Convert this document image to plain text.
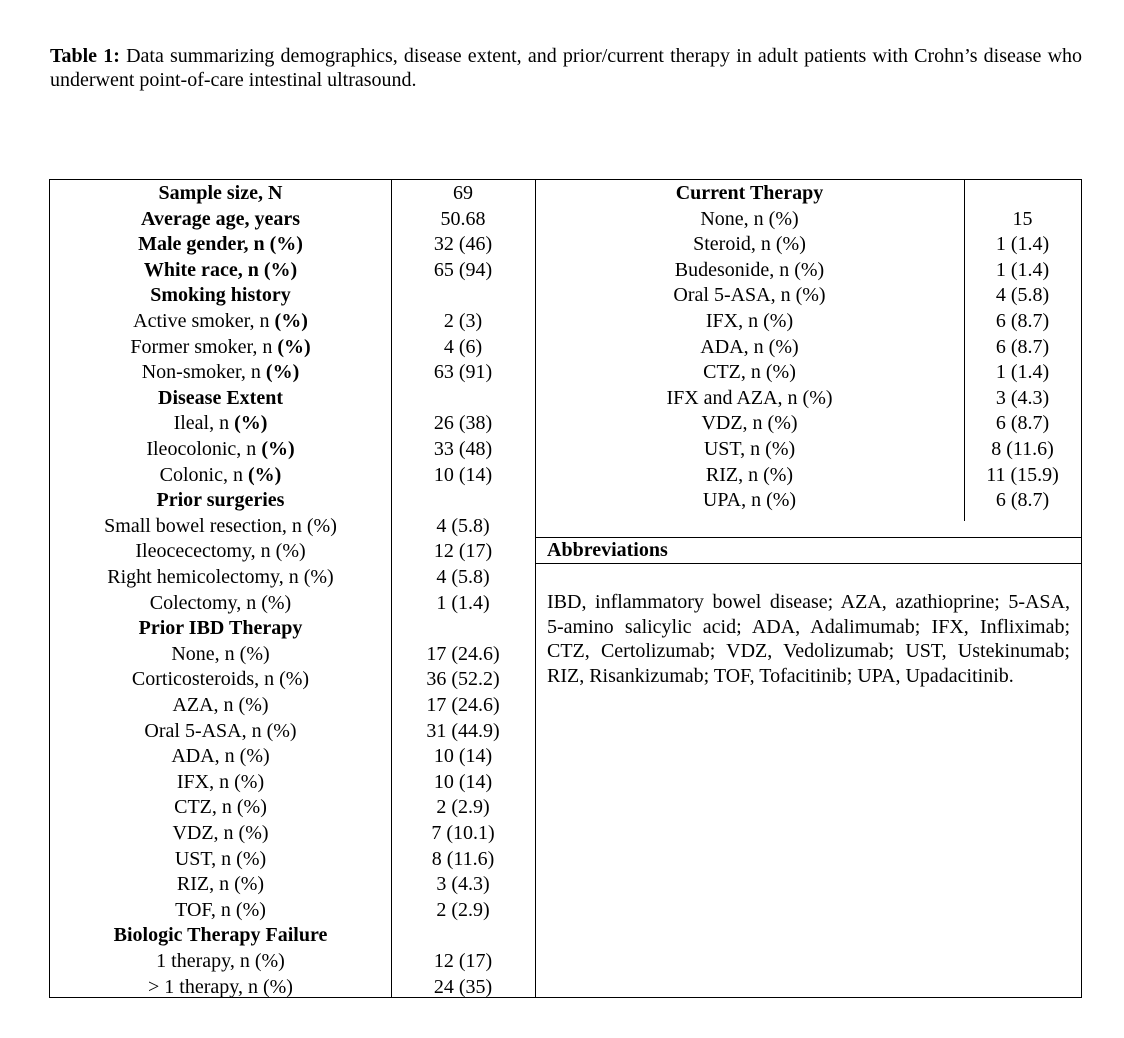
Table 1: Data summarizing demographics, disease extent, and prior/current therapy in adult patients with Crohn’s disease who underwent point-of-care intestinal ultrasound.
Sample size, N	69
Average age, years	50.68
Male gender, n (%)	32 (46)
White race, n (%)	65 (94)
Smoking history
Active smoker, n (%)	2 (3)
Former smoker, n (%)	4 (6)
Non-smoker, n (%)	63 (91)
Disease Extent
Ileal, n (%)	26 (38)
Ileocolonic, n (%)	33 (48)
Colonic, n (%)	10 (14)
Prior surgeries
Small bowel resection, n (%)	4 (5.8)
Ileocecectomy, n (%)	12 (17)
Right hemicolectomy, n (%)	4 (5.8)
Colectomy, n (%)	1 (1.4)
Prior IBD Therapy
None, n (%)	17 (24.6)
Corticosteroids, n (%)	36 (52.2)
AZA, n (%)	17 (24.6)
Oral 5-ASA, n (%)	31 (44.9)
ADA, n (%)	10 (14)
IFX, n (%)	10 (14)
CTZ, n (%)	2 (2.9)
VDZ, n (%)	7 (10.1)
UST, n (%)	8 (11.6)
RIZ, n (%)	3 (4.3)
TOF, n (%)	2 (2.9)
Biologic Therapy Failure
1 therapy, n (%)	12 (17)
> 1 therapy, n (%)	24 (35)
Current Therapy
None, n (%)	15
Steroid, n (%)	1 (1.4)
Budesonide, n (%)	1 (1.4)
Oral 5-ASA, n (%)	4 (5.8)
IFX, n (%)	6 (8.7)
ADA, n (%)	6 (8.7)
CTZ, n (%)	1 (1.4)
IFX and AZA, n (%)	3 (4.3)
VDZ, n (%)	6 (8.7)
UST, n (%)	8 (11.6)
RIZ, n (%)	11 (15.9)
UPA, n (%)	6 (8.7)
Abbreviations
IBD, inflammatory bowel disease; AZA, azathioprine; 5-ASA, 5-amino salicylic acid; ADA, Adalimumab; IFX, Infliximab; CTZ, Certolizumab; VDZ, Vedolizumab; UST, Ustekinumab; RIZ, Risankizumab; TOF, Tofacitinib; UPA, Upadacitinib.
